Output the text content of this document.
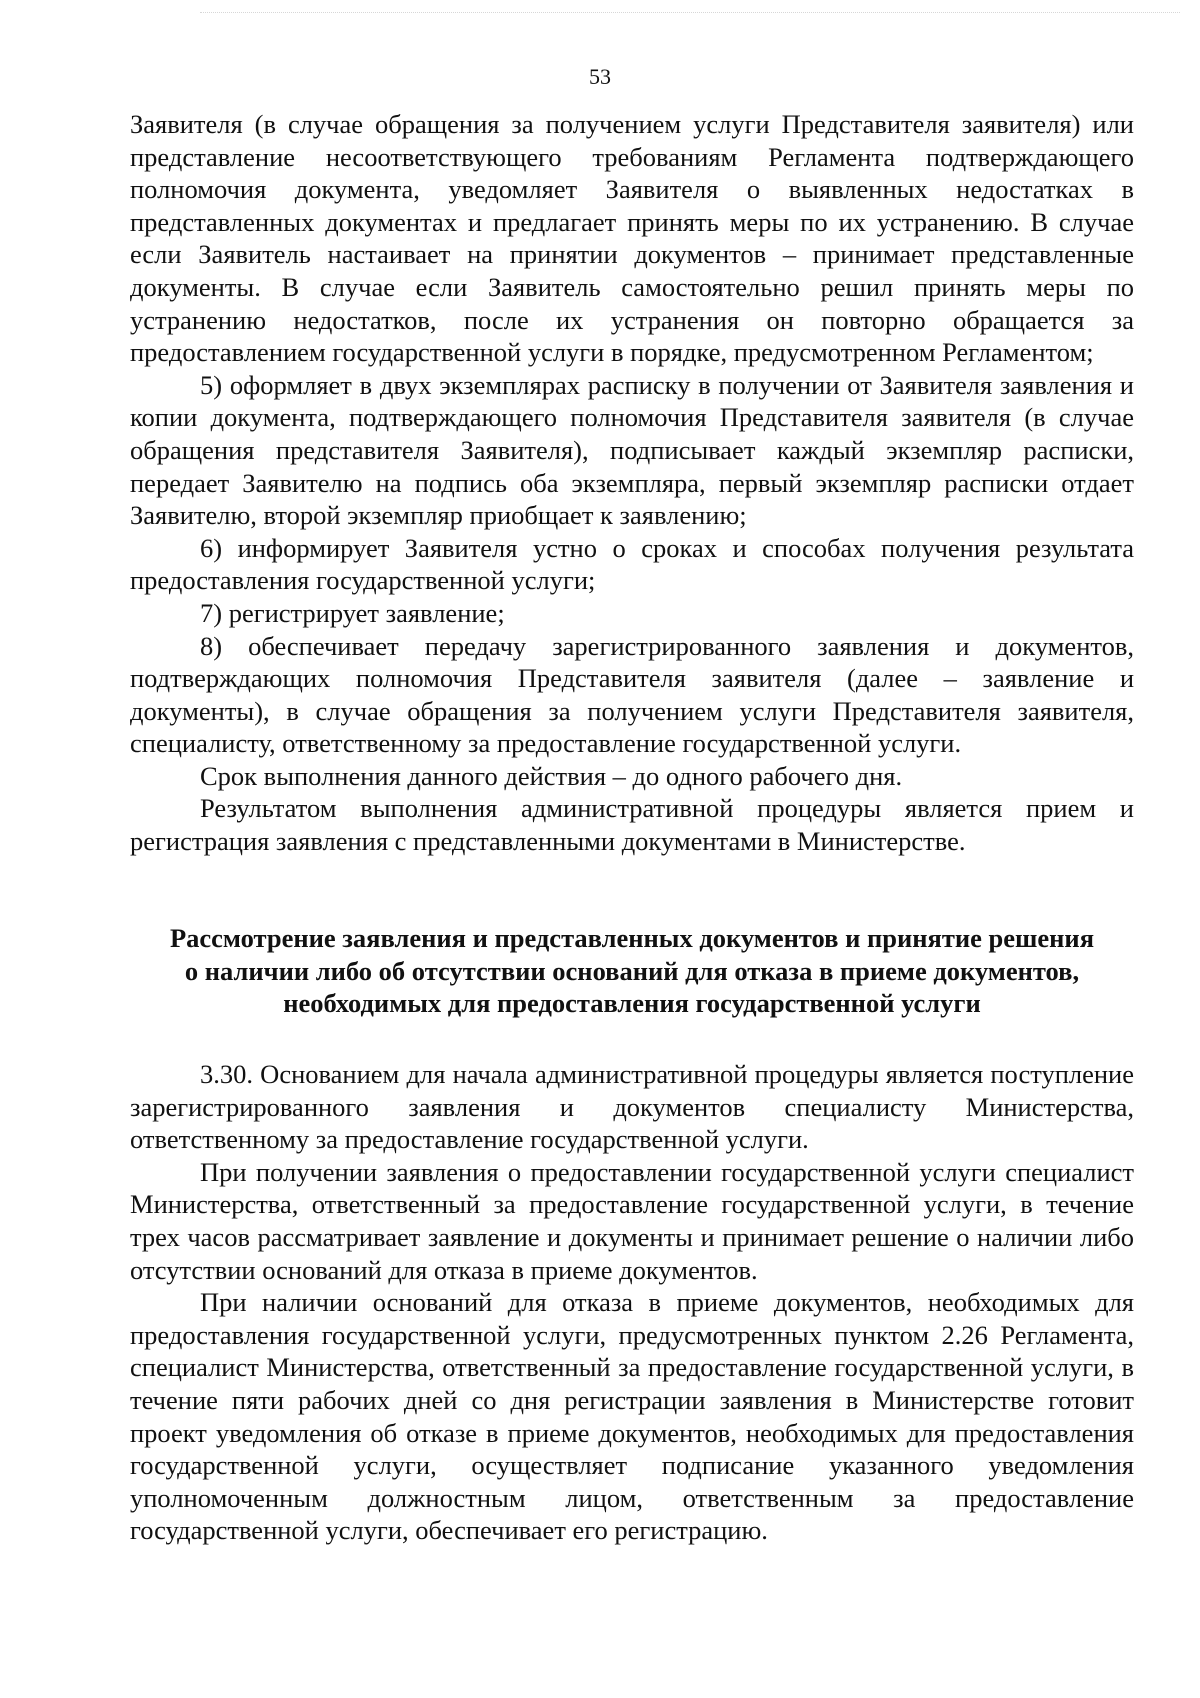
53

Заявителя (в случае обращения за получением услуги Представителя заявителя) или представление несоответствующего требованиям Регламента подтверждающего полномочия документа, уведомляет Заявителя о выявленных недостатках в представленных документах и предлагает принять меры по их устранению. В случае если Заявитель настаивает на принятии документов – принимает представленные документы. В случае если Заявитель самостоятельно решил принять меры по устранению недостатков, после их устранения он повторно обращается за предоставлением государственной услуги в порядке, предусмотренном Регламентом;

5) оформляет в двух экземплярах расписку в получении от Заявителя заявления и копии документа, подтверждающего полномочия Представителя заявителя (в случае обращения представителя Заявителя), подписывает каждый экземпляр расписки, передает Заявителю на подпись оба экземпляра, первый экземпляр расписки отдает Заявителю, второй экземпляр приобщает к заявлению;

6) информирует Заявителя устно о сроках и способах получения результата предоставления государственной услуги;

7) регистрирует заявление;

8) обеспечивает передачу зарегистрированного заявления и документов, подтверждающих полномочия Представителя заявителя (далее – заявление и документы), в случае обращения за получением услуги Представителя заявителя, специалисту, ответственному за предоставление государственной услуги.

Срок выполнения данного действия – до одного рабочего дня.

Результатом выполнения административной процедуры является прием и регистрация заявления с представленными документами в Министерстве.

Рассмотрение заявления и представленных документов и принятие решения
о наличии либо об отсутствии оснований для отказа в приеме документов,
необходимых для предоставления государственной услуги

3.30. Основанием для начала административной процедуры является поступление зарегистрированного заявления и документов специалисту Министерства, ответственному за предоставление государственной услуги.

При получении заявления о предоставлении государственной услуги специалист Министерства, ответственный за предоставление государственной услуги, в течение трех часов рассматривает заявление и документы и принимает решение о наличии либо отсутствии оснований для отказа в приеме документов.

При наличии оснований для отказа в приеме документов, необходимых для предоставления государственной услуги, предусмотренных пунктом 2.26 Регламента, специалист Министерства, ответственный за предоставление государственной услуги, в течение пяти рабочих дней со дня регистрации заявления в Министерстве готовит проект уведомления об отказе в приеме документов, необходимых для предоставления государственной услуги, осуществляет подписание указанного уведомления уполномоченным должностным лицом, ответственным за предоставление государственной услуги, обеспечивает его регистрацию.
